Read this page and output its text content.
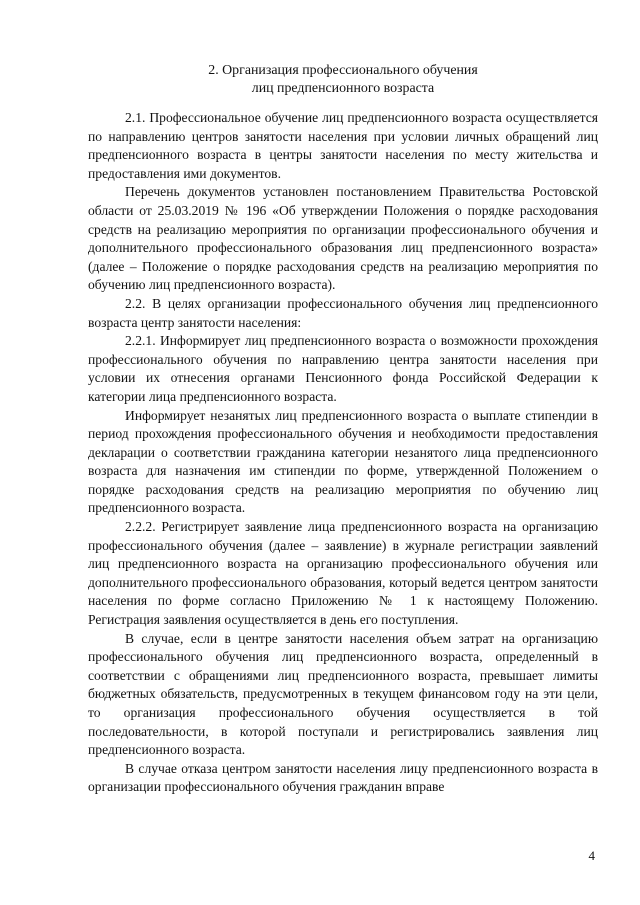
2. Организация профессионального обучения
лиц предпенсионного возраста

2.1. Профессиональное обучение лиц предпенсионного возраста осуществляется по направлению центров занятости населения при условии личных обращений лиц предпенсионного возраста в центры занятости населения по месту жительства и предоставления ими документов.

Перечень документов установлен постановлением Правительства Ростовской области от 25.03.2019 № 196 «Об утверждении Положения о порядке расходования средств на реализацию мероприятия по организации профессионального обучения и дополнительного профессионального образования лиц предпенсионного возраста» (далее – Положение о порядке расходования средств на реализацию мероприятия по обучению лиц предпенсионного возраста).

2.2. В целях организации профессионального обучения лиц предпенсионного возраста центр занятости населения:

2.2.1. Информирует лиц предпенсионного возраста о возможности прохождения профессионального обучения по направлению центра занятости населения при условии их отнесения органами Пенсионного фонда Российской Федерации к категории лица предпенсионного возраста.

Информирует незанятых лиц предпенсионного возраста о выплате стипендии в период прохождения профессионального обучения и необходимости предоставления декларации о соответствии гражданина категории незанятого лица предпенсионного возраста для назначения им стипендии по форме, утвержденной Положением о порядке расходования средств на реализацию мероприятия по обучению лиц предпенсионного возраста.

2.2.2. Регистрирует заявление лица предпенсионного возраста на организацию профессионального обучения (далее – заявление) в журнале регистрации заявлений лиц предпенсионного возраста на организацию профессионального обучения или дополнительного профессионального образования, который ведется центром занятости населения по форме согласно Приложению № 1 к настоящему Положению. Регистрация заявления осуществляется в день его поступления.

В случае, если в центре занятости населения объем затрат на организацию профессионального обучения лиц предпенсионного возраста, определенный в соответствии с обращениями лиц предпенсионного возраста, превышает лимиты бюджетных обязательств, предусмотренных в текущем финансовом году на эти цели, то организация профессионального обучения осуществляется в той последовательности, в которой поступали и регистрировались заявления лиц предпенсионного возраста.

В случае отказа центром занятости населения лицу предпенсионного возраста в организации профессионального обучения гражданин вправе

4
